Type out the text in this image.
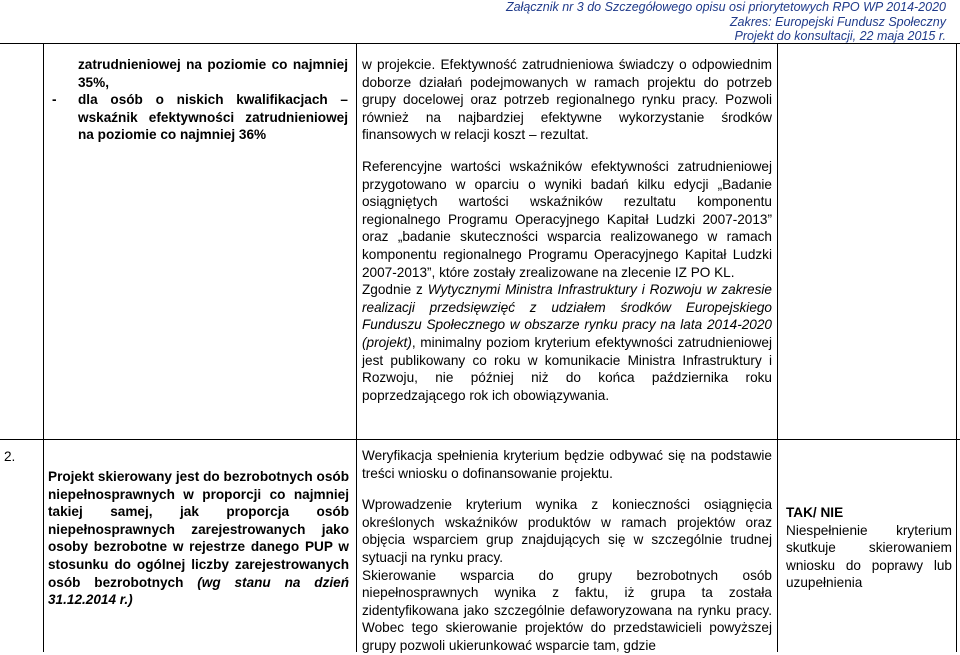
Załącznik nr 3 do Szczegółowego opisu osi priorytetowych RPO WP 2014-2020
Zakres: Europejski Fundusz Społeczny
Projekt do konsultacji, 22 maja 2015 r.

zatrudnieniowej na poziomie co najmniej 35%,

- dla osób o niskich kwalifikacjach – wskaźnik efektywności zatrudnieniowej na poziomie co najmniej 36%

w projekcie. Efektywność zatrudnieniowa świadczy o odpowiednim doborze działań podejmowanych w ramach projektu do potrzeb grupy docelowej oraz potrzeb regionalnego rynku pracy. Pozwoli również na najbardziej efektywne wykorzystanie środków finansowych w relacji koszt – rezultat.

Referencyjne wartości wskaźników efektywności zatrudnieniowej przygotowano w oparciu o wyniki badań kilku edycji „Badanie osiągniętych wartości wskaźników rezultatu komponentu regionalnego Programu Operacyjnego Kapitał Ludzki 2007-2013” oraz „badanie skuteczności wsparcia realizowanego w ramach komponentu regionalnego Programu Operacyjnego Kapitał Ludzki 2007-2013”, które zostały zrealizowane na zlecenie IZ PO KL.

Zgodnie z Wytycznymi Ministra Infrastruktury i Rozwoju w zakresie realizacji przedsięwzięć z udziałem środków Europejskiego Funduszu Społecznego w obszarze rynku pracy na lata 2014-2020 (projekt), minimalny poziom kryterium efektywności zatrudnieniowej jest publikowany co roku w komunikacie Ministra Infrastruktury i Rozwoju, nie później niż do końca października roku poprzedzającego rok ich obowiązywania.

2.
Projekt skierowany jest do bezrobotnych osób niepełnosprawnych w proporcji co najmniej takiej samej, jak proporcja osób niepełnosprawnych zarejestrowanych jako osoby bezrobotne w rejestrze danego PUP w stosunku do ogólnej liczby zarejestrowanych osób bezrobotnych (wg stanu na dzień 31.12.2014 r.)

Weryfikacja spełnienia kryterium będzie odbywać się na podstawie treści wniosku o dofinansowanie projektu.

Wprowadzenie kryterium wynika z konieczności osiągnięcia określonych wskaźników produktów w ramach projektów oraz objęcia wsparciem grup znajdujących się w szczególnie trudnej sytuacji na rynku pracy.

Skierowanie wsparcia do grupy bezrobotnych osób niepełnosprawnych wynika z faktu, iż grupa ta została zidentyfikowana jako szczególnie defaworyzowana na rynku pracy. Wobec tego skierowanie projektów do przedstawicieli powyższej grupy pozwoli ukierunkować wsparcie tam, gdzie

TAK/ NIE

Niespełnienie kryterium skutkuje skierowaniem wniosku do poprawy lub uzupełnienia
